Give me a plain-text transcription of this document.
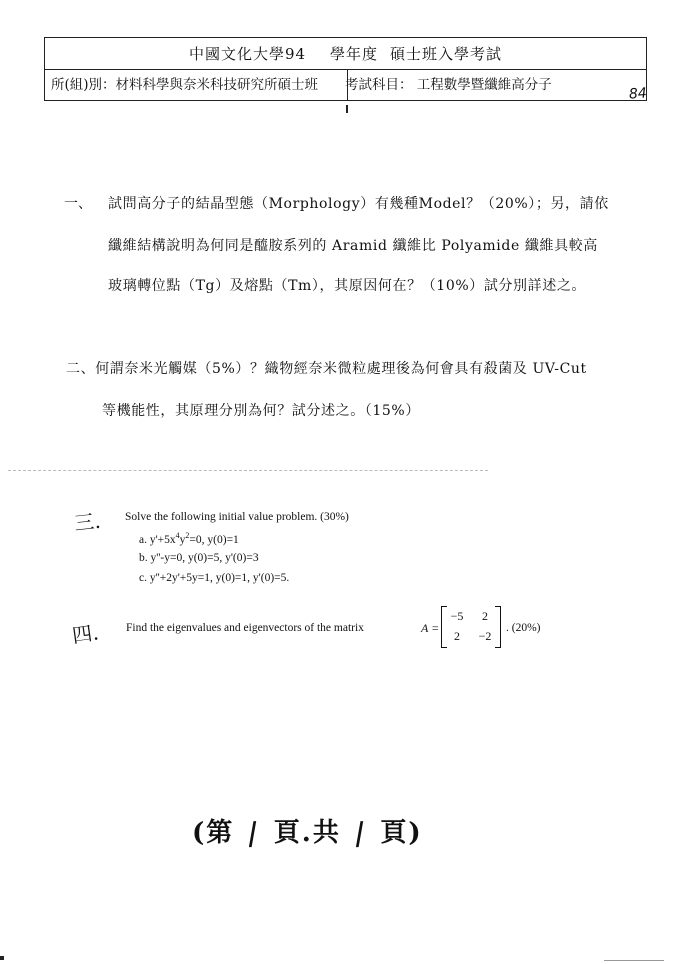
中國文化大學94 學年度 碩士班入學考試
所(組)別：材料科學與奈米科技研究所碩士班 考試科目： 工程數學暨纖維高分子
84
一、 試問高分子的結晶型態（Morphology）有幾種Model？（20%）；另，請依
纖維結構說明為何同是醯胺系列的 Aramid 纖維比 Polyamide 纖維具較高
玻璃轉位點（Tg）及熔點（Tm），其原因何在？（10%）試分別詳述之。
二、何謂奈米光觸媒（5%）？織物經奈米微粒處理後為何會具有殺菌及 UV-Cut
等機能性，其原理分別為何？試分述之。（15%）
三. Solve the following initial value problem. (30%)
a. $y'+5x^4y^2=0$, y(0)=1
b. y''-y=0, y(0)=5, y'(0)=3
c. y''+2y'+5y=1, y(0)=1, y'(0)=5.
四. Find the eigenvalues and eigenvectors of the matrix	A =
−5	2
2	−2
. (20%)
(第 | 頁.共 | 頁)
